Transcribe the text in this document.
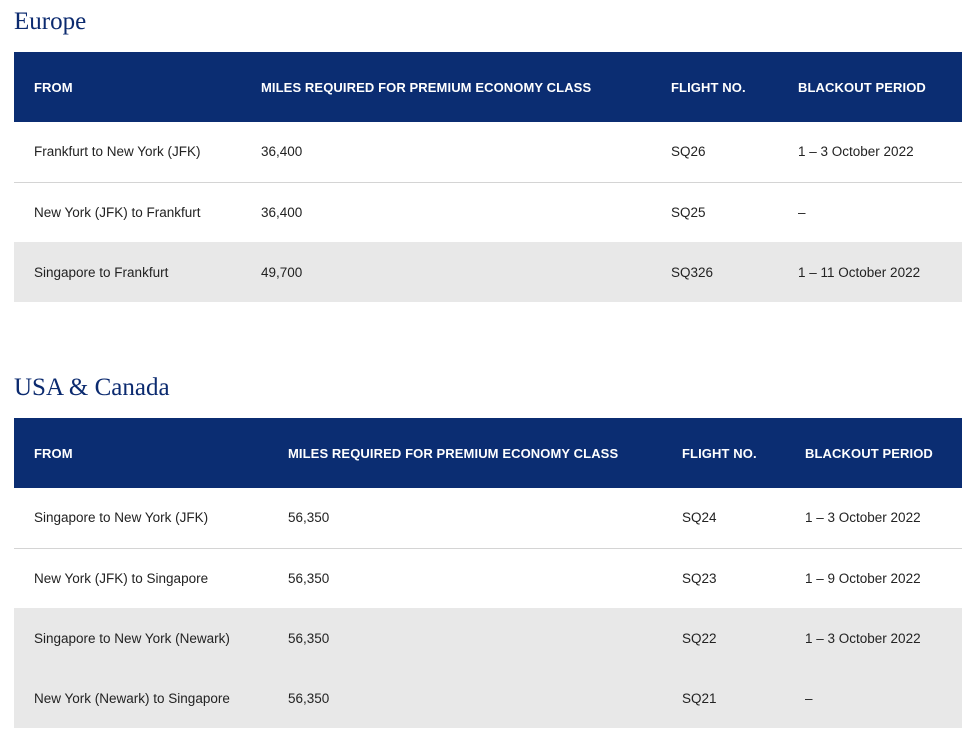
Europe
FROM	MILES REQUIRED FOR PREMIUM ECONOMY CLASS	FLIGHT NO.	BLACKOUT PERIOD
Frankfurt to New York (JFK)	36,400	SQ26	1 – 3 October 2022
New York (JFK) to Frankfurt	36,400	SQ25	–
Singapore to Frankfurt	49,700	SQ326	1 – 11 October 2022
USA & Canada
FROM	MILES REQUIRED FOR PREMIUM ECONOMY CLASS	FLIGHT NO.	BLACKOUT PERIOD
Singapore to New York (JFK)	56,350	SQ24	1 – 3 October 2022
New York (JFK) to Singapore	56,350	SQ23	1 – 9 October 2022
Singapore to New York (Newark)	56,350	SQ22	1 – 3 October 2022
New York (Newark) to Singapore	56,350	SQ21	–
